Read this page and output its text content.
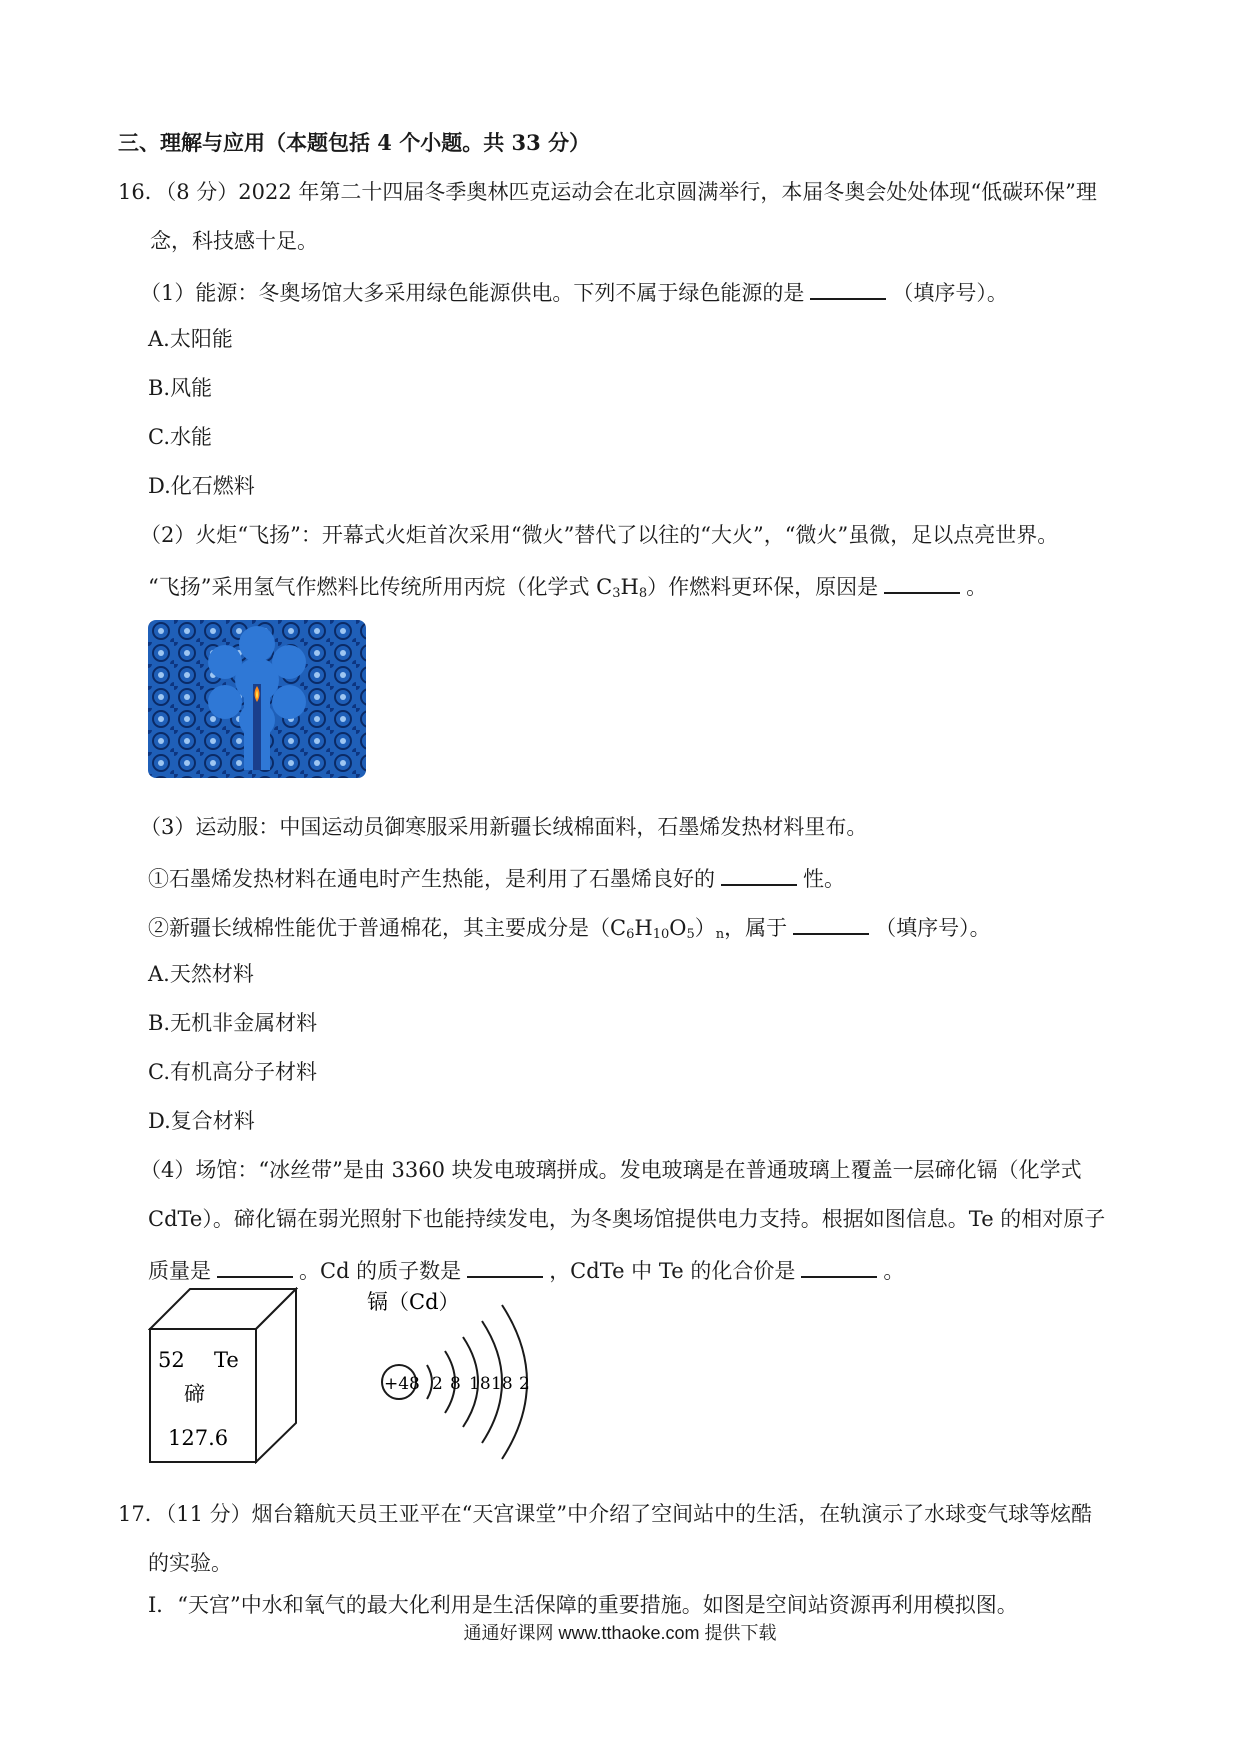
三、理解与应用（本题包括 4 个小题。共 33 分）
16．（8 分）2022 年第二十四届冬季奥林匹克运动会在北京圆满举行，本届冬奥会处处体现“低碳环保”理
念，科技感十足。
（1）能源：冬奥场馆大多采用绿色能源供电。下列不属于绿色能源的是	（填序号）。
A.太阳能
B.风能
C.水能
D.化石燃料
（2）火炬“飞扬”：开幕式火炬首次采用“微火”替代了以往的“大火”，“微火”虽微，足以点亮世界。
“飞扬”采用氢气作燃料比传统所用丙烷（化学式 $C_3H_8$）作燃料更环保，原因是	。
（3）运动服：中国运动员御寒服采用新疆长绒棉面料，石墨烯发热材料里布。
①石墨烯发热材料在通电时产生热能，是利用了石墨烯良好的	性。
②新疆长绒棉性能优于普通棉花，其主要成分是$(C_6H_{10}O_5)_n$，属于	（填序号）。
A.天然材料
B.无机非金属材料
C.有机高分子材料
D.复合材料
（4）场馆：“冰丝带”是由 3360 块发电玻璃拼成。发电玻璃是在普通玻璃上覆盖一层碲化镉（化学式
CdTe）。碲化镉在弱光照射下也能持续发电，为冬奥场馆提供电力支持。根据如图信息。Te 的相对原子
质量是	。Cd 的质子数是	，CdTe 中 Te 的化合价是	。
52 Te
碲
127.6
镉（Cd）
+48 2 8 18 18 2
17．（11 分）烟台籍航天员王亚平在“天宫课堂”中介绍了空间站中的生活，在轨演示了水球变气球等炫酷
的实验。
Ⅰ．“天宫”中水和氧气的最大化利用是生活保障的重要措施。如图是空间站资源再利用模拟图。
通通好课网 www.tthaoke.com 提供下载
